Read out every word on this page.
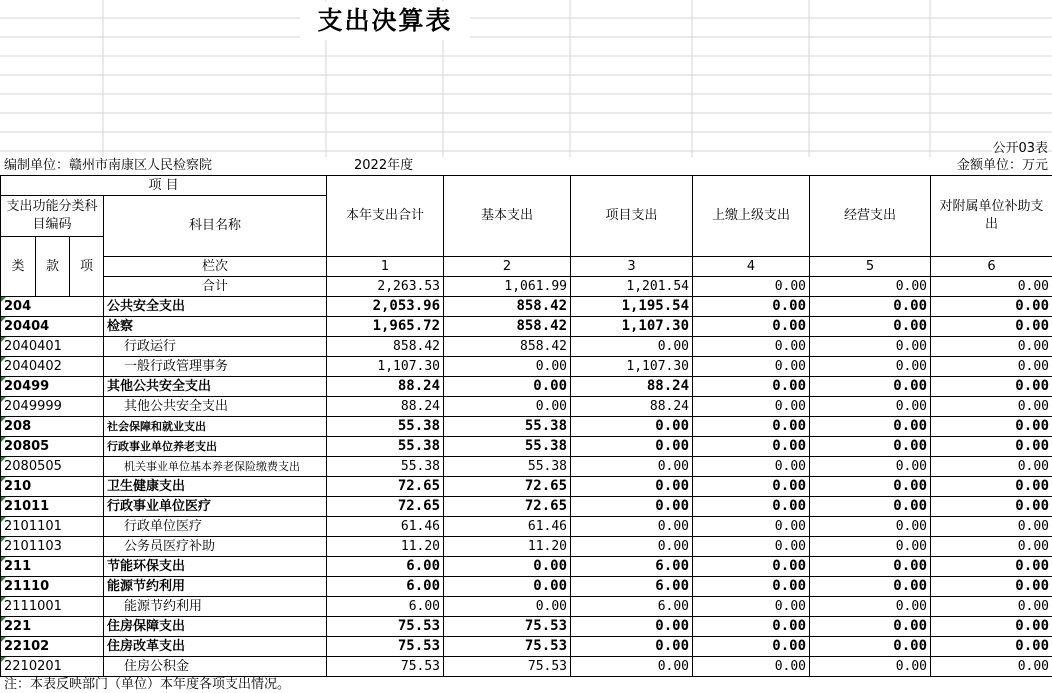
支出决算表
公开03表
编制单位：赣州市南康区人民检察院	2022年度	金额单位：万元
项 目				本年支出合计	基本支出	项目支出	上缴上级支出	经营支出	对附属单位补助支出
支出功能分类科目编码			科目名称						

类	款	项							
			栏次	1	2	3	4	5	6
			合计	2,263.53	1,061.99	1,201.54	0.00	0.00	0.00

204			公共安全支出	2,053.96	858.42	1,195.54	0.00	0.00	0.00

20404			检察	1,965.72	858.42	1,107.30	0.00	0.00	0.00

2040401			行政运行	858.42	858.42	0.00	0.00	0.00	0.00

2040402			一般行政管理事务	1,107.30	0.00	1,107.30	0.00	0.00	0.00

20499			其他公共安全支出	88.24	0.00	88.24	0.00	0.00	0.00

2049999			其他公共安全支出	88.24	0.00	88.24	0.00	0.00	0.00

208			社会保障和就业支出	55.38	55.38	0.00	0.00	0.00	0.00

20805			行政事业单位养老支出	55.38	55.38	0.00	0.00	0.00	0.00

2080505			机关事业单位基本养老保险缴费支出	55.38	55.38	0.00	0.00	0.00	0.00

210			卫生健康支出	72.65	72.65	0.00	0.00	0.00	0.00

21011			行政事业单位医疗	72.65	72.65	0.00	0.00	0.00	0.00

2101101			行政单位医疗	61.46	61.46	0.00	0.00	0.00	0.00

2101103			公务员医疗补助	11.20	11.20	0.00	0.00	0.00	0.00

211			节能环保支出	6.00	0.00	6.00	0.00	0.00	0.00

21110			能源节约利用	6.00	0.00	6.00	0.00	0.00	0.00

2111001			能源节约利用	6.00	0.00	6.00	0.00	0.00	0.00

221			住房保障支出	75.53	75.53	0.00	0.00	0.00	0.00

22102			住房改革支出	75.53	75.53	0.00	0.00	0.00	0.00

2210201			住房公积金	75.53	75.53	0.00	0.00	0.00	0.00
注：本表反映部门（单位）本年度各项支出情况。
